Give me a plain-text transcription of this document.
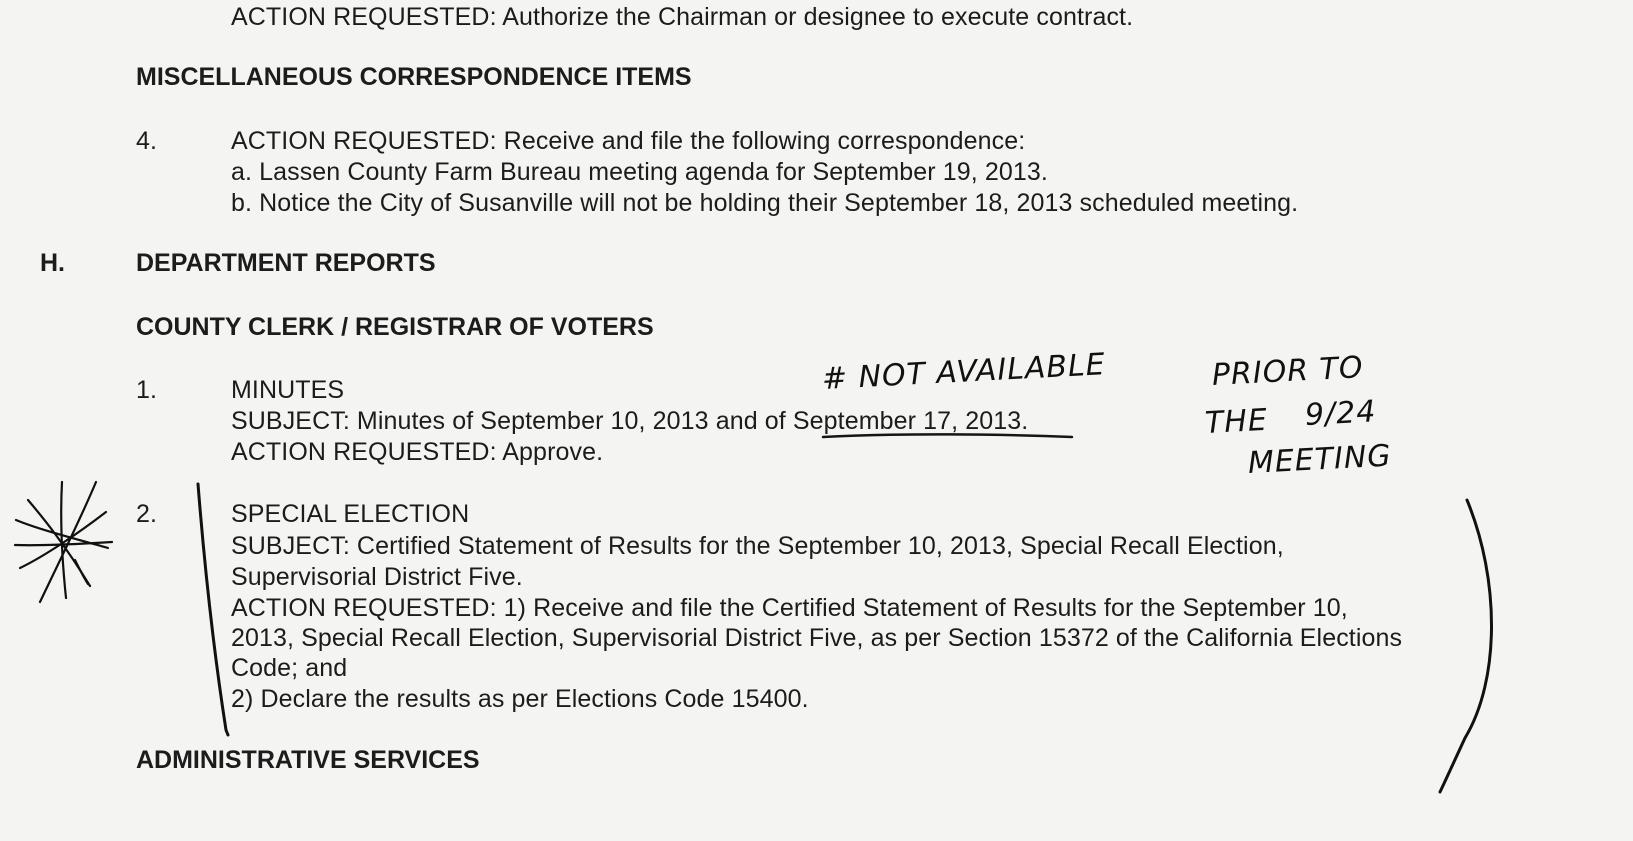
ACTION REQUESTED: Authorize the Chairman or designee to execute contract.
MISCELLANEOUS CORRESPONDENCE ITEMS
4.	ACTION REQUESTED: Receive and file the following correspondence:
a. Lassen County Farm Bureau meeting agenda for September 19, 2013.
b. Notice the City of Susanville will not be holding their September 18, 2013 scheduled meeting.
H.	DEPARTMENT REPORTS
COUNTY CLERK / REGISTRAR OF VOTERS
1.	MINUTES
SUBJECT: Minutes of September 10, 2013 and of September 17, 2013.
ACTION REQUESTED: Approve.
2.	SPECIAL ELECTION
SUBJECT: Certified Statement of Results for the September 10, 2013, Special Recall Election,
Supervisorial District Five.
ACTION REQUESTED: 1) Receive and file the Certified Statement of Results for the September 10,
2013, Special Recall Election, Supervisorial District Five, as per Section 15372 of the California Elections
Code; and
2) Declare the results as per Elections Code 15400.
ADMINISTRATIVE SERVICES
# NOT AVAILABLE	PRIOR TO
THE 9/24
MEETING
